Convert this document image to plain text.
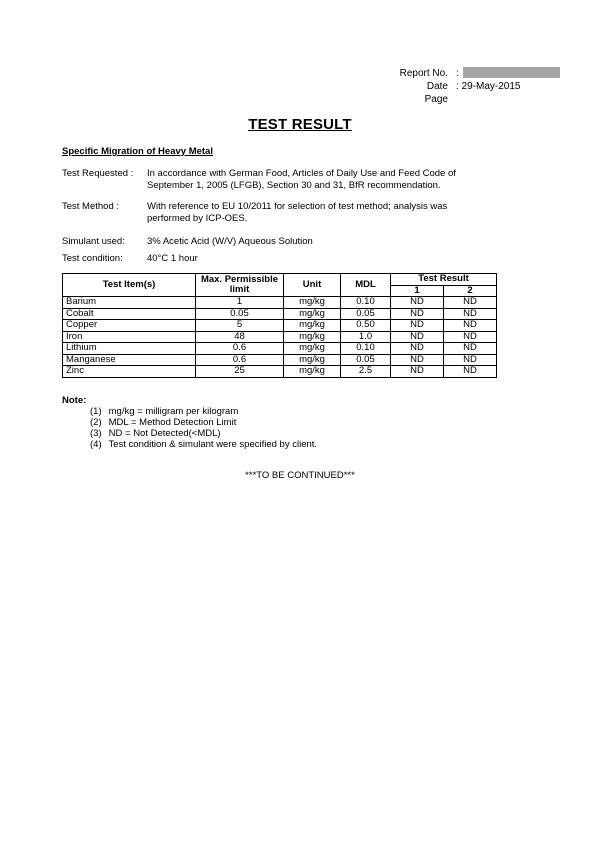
Report No. :
Date : 29-May-2015
Page
TEST RESULT
Specific Migration of Heavy Metal
Test Requested : In accordance with German Food, Articles of Daily Use and Feed Code of September 1, 2005 (LFGB), Section 30 and 31, BfR recommendation.
Test Method :	With reference to EU 10/2011 for selection of test method; analysis was performed by ICP-OES.
Simulant used: 3% Acetic Acid (W/V) Aqueous Solution
Test condition:	40°C 1 hour
Test Item(s)	Max. Permissible limit	Unit	MDL	Test Result	
				1	2
Barium	1	mg/kg	0.10	ND	ND
Cobalt	0.05	mg/kg	0.05	ND	ND
Copper	5	mg/kg	0.50	ND	ND
Iron	48	mg/kg	1.0	ND	ND
Lithium	0.6	mg/kg	0.10	ND	ND
Manganese	0.6	mg/kg	0.05	ND	ND
Zinc	25	mg/kg	2.5	ND	ND
Note:
(1) mg/kg = milligram per kilogram
(2) MDL = Method Detection Limit
(3) ND = Not Detected(<MDL)
(4) Test condition & simulant were specified by client.
***TO BE CONTINUED***
